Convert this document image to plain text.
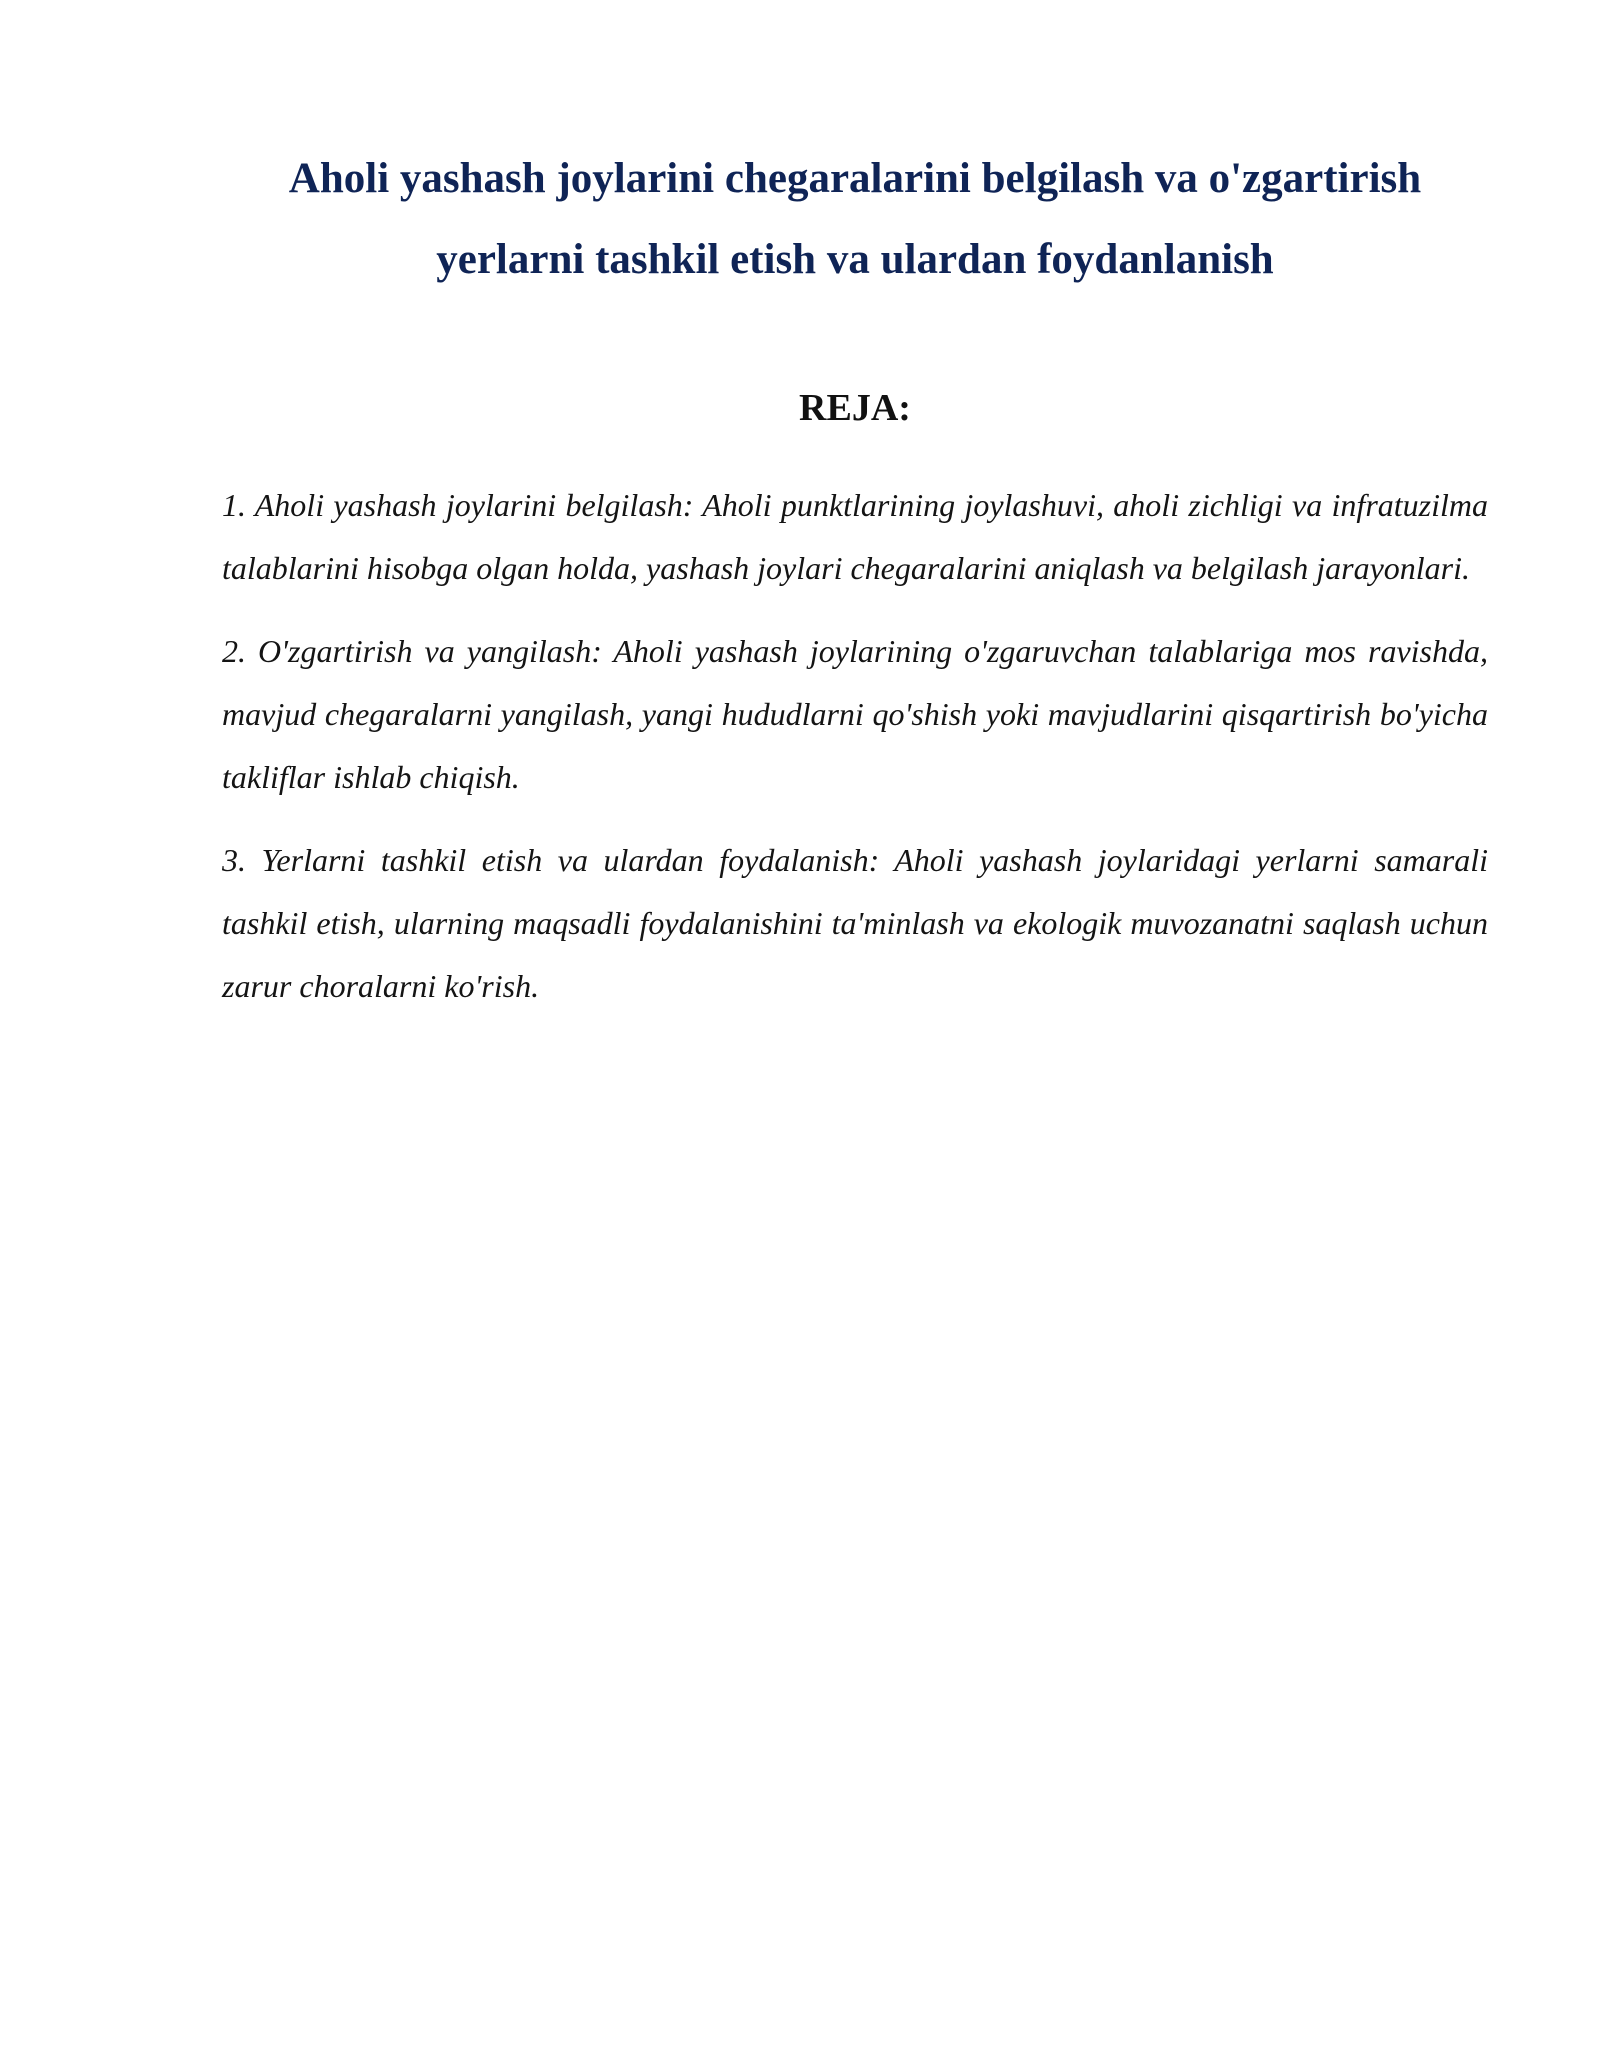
Aholi yashash joylarini chegaralarini belgilash va o'zgartirish
yerlarni tashkil etish va ulardan foydanlanish
REJA:
1. Aholi yashash joylarini belgilash: Aholi punktlarining joylashuvi, aholi zichligi va infratuzilma talablarini hisobga olgan holda, yashash joylari chegaralarini aniqlash va belgilash jarayonlari.
2. O'zgartirish va yangilash: Aholi yashash joylarining o'zgaruvchan talablariga mos ravishda, mavjud chegaralarni yangilash, yangi hududlarni qo'shish yoki mavjudlarini qisqartirish bo'yicha takliflar ishlab chiqish.
3. Yerlarni tashkil etish va ulardan foydalanish: Aholi yashash joylaridagi yerlarni samarali tashkil etish, ularning maqsadli foydalanishini ta'minlash va ekologik muvozanatni saqlash uchun zarur choralarni ko'rish.
